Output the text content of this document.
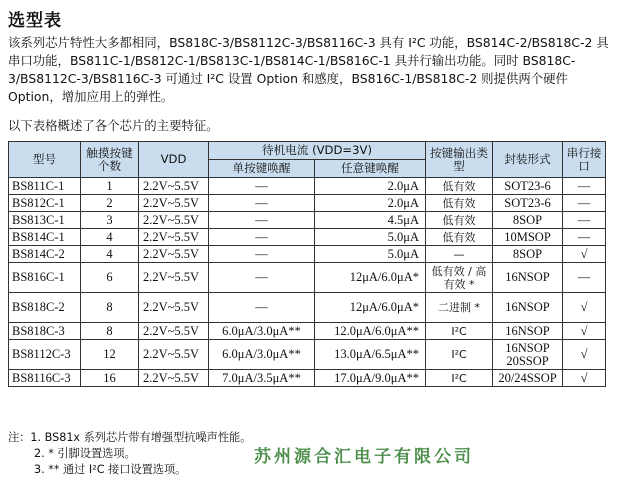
选型表
该系列芯片特性大多都相同，BS818C-3/BS8112C-3/BS8116C-3 具有 I²C 功能，BS814C-2/BS818C-2 具串口功能，BS811C-1/BS812C-1/BS813C-1/BS814C-1/BS816C-1 具并行输出功能。同时 BS818C-3/BS8112C-3/BS8116C-3 可通过 I²C 设置 Option 和感度，BS816C-1/BS818C-2 则提供两个硬件 Option，增加应用上的弹性。
以下表格概述了各个芯片的主要特征。
型号	触摸按键个数	VDD	待机电流 (VDD=3V)		按键输出类型	封装形式	串行接口
			单按键唤醒	任意键唤醒			
BS811C-1	1	2.2V~5.5V	—	2.0μA	低有效	SOT23-6	—
BS812C-1	2	2.2V~5.5V	—	2.0μA	低有效	SOT23-6	—
BS813C-1	3	2.2V~5.5V	—	4.5μA	低有效	8SOP	—
BS814C-1	4	2.2V~5.5V	—	5.0μA	低有效	10MSOP	—
BS814C-2	4	2.2V~5.5V	—	5.0μA	—	8SOP	√
BS816C-1	6	2.2V~5.5V	—	12μA/6.0μA*	低有效 / 高有效 *	16NSOP	—
BS818C-2	8	2.2V~5.5V	—	12μA/6.0μA*	二进制 *	16NSOP	√
BS818C-3	8	2.2V~5.5V	6.0μA/3.0μA**	12.0μA/6.0μA**	I²C	16NSOP	√
BS8112C-3	12	2.2V~5.5V	6.0μA/3.0μA**	13.0μA/6.5μA**	I²C	16NSOP 20SSOP	√
BS8116C-3	16	2.2V~5.5V	7.0μA/3.5μA**	17.0μA/9.0μA**	I²C	20/24SSOP	√
注：1. BS81x 系列芯片带有增强型抗噪声性能。
2. * 引脚设置选项。
3. ** 通过 I²C 接口设置选项。
苏州源合汇电子有限公司
